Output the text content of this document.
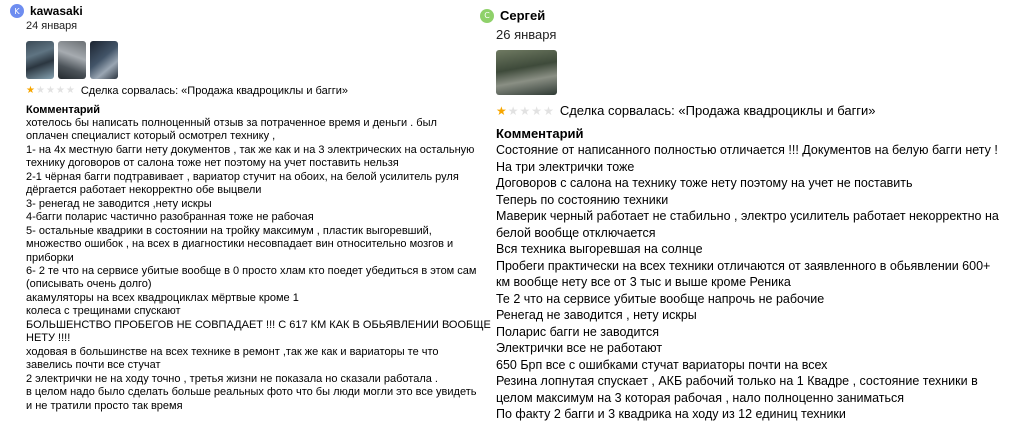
K kawasaki
24 января
★ ★ ★ ★ ★ Сделка сорвалась: «Продажа квадроциклы и багги»
Комментарий
хотелось бы написать полноценный отзыв за потраченное время и деньги . был
оплачен специалист который осмотрел технику ,
1- на 4х местную багги нету документов , так же как и на 3 электрических на остальную
технику договоров от салона тоже нет поэтому на учет поставить нельзя
2-1 чёрная багги подтравивает , вариатор стучит на обоих, на белой усилитель руля
дёргается работает некорректно обе выцвели
3- ренегад не заводится ,нету искры
4-багги поларис частично разобранная тоже не рабочая
5- остальные квадрики в состоянии на тройку максимум , пластик выгоревший,
множество ошибок , на всех в диагностики несовпадает вин относительно мозгов и
приборки
6- 2 те что на сервисе убитые вообще в 0 просто хлам кто поедет убедиться в этом сам
(описывать очень долго)
акамуляторы на всех квадроциклах мёртвые кроме 1
колеса с трещинами спускают
БОЛЬШЕНСТВО ПРОБЕГОВ НЕ СОВПАДАЕТ !!! С 617 КМ КАК В ОБЬЯВЛЕНИИ ВООБЩЕ
НЕТУ !!!!
ходовая в большинстве на всех технике в ремонт ,так же как и вариаторы те что
завелись почти все стучат
2 электрички не на ходу точно , третья жизни не показала но сказали работала .
в целом надо было сделать больше реальных фото что бы люди могли это все увидеть
и не тратили просто так время
С Сергей
26 января
★ ★ ★ ★ ★ Сделка сорвалась: «Продажа квадроциклы и багги»
Комментарий
Состояние от написанного полностью отличается !!! Документов на белую багги нету !
На три электрички тоже
Договоров с салона на технику тоже нету поэтому на учет не поставить
Теперь по состоянию техники
Маверик черный работает не стабильно , электро усилитель работает некорректно на
белой вообще отключается
Вся техника выгоревшая на солнце
Пробеги практически на всех техники отличаются от заявленного в обьявлении 600+
км вообще нету все от 3 тыс и выше кроме Реника
Те 2 что на сервисе убитые вообще напрочь не рабочие
Ренегад не заводится , нету искры
Поларис багги не заводится
Электрички все не работают
650 Брп все с ошибками стучат вариаторы почти на всех
Резина лопнутая спускает , АКБ рабочий только на 1 Квадре , состояние техники в
целом максимум на 3 которая рабочая , нало полноценно заниматься
По факту 2 багги и 3 квадрика на ходу из 12 единиц техники
